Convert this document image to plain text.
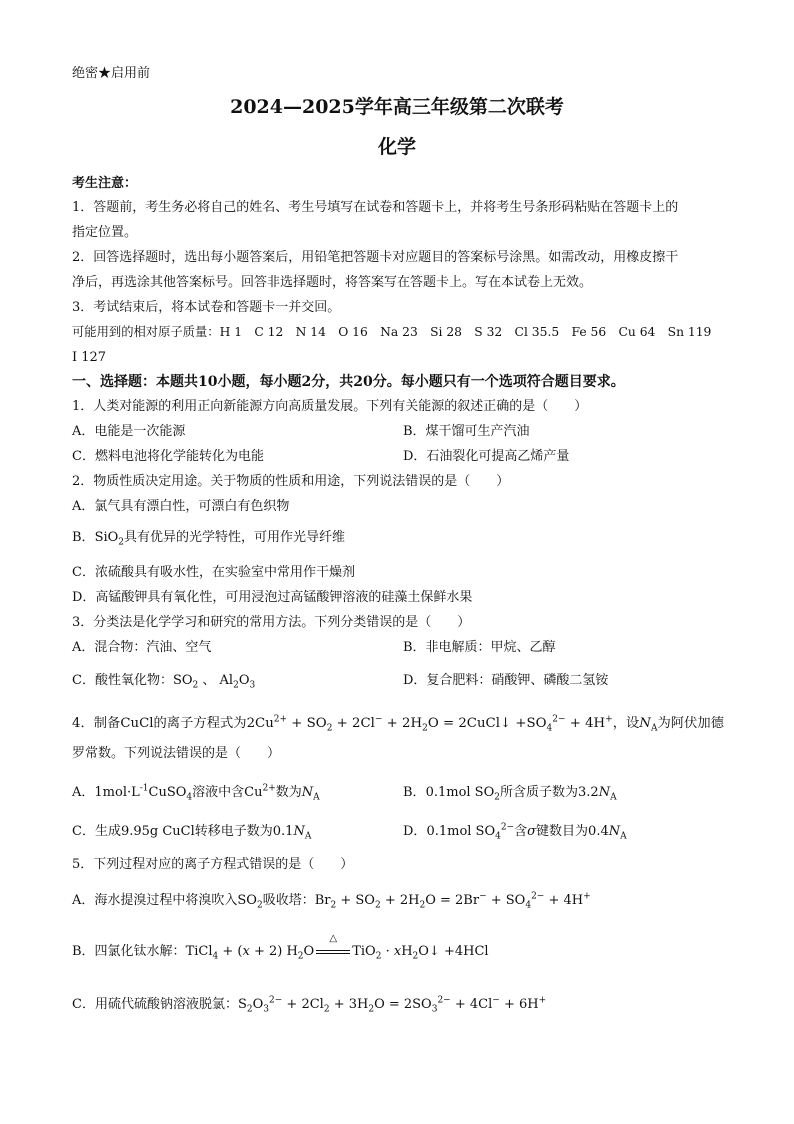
绝密★启用前
2024—2025学年高三年级第二次联考
化学
考生注意：
1．答题前，考生务必将自己的姓名、考生号填写在试卷和答题卡上，并将考生号条形码粘贴在答题卡上的
指定位置。
2．回答选择题时，选出每小题答案后，用铅笔把答题卡对应题目的答案标号涂黑。如需改动，用橡皮擦干
净后，再选涂其他答案标号。回答非选择题时，将答案写在答题卡上。写在本试卷上无效。
3．考试结束后，将本试卷和答题卡一并交回。
可能用到的相对原子质量：H 1　C 12　N 14　O 16　Na 23　Si 28　S 32　Cl 35.5　Fe 56　Cu 64　Sn 119
I 127
一、选择题：本题共10小题，每小题2分，共20分。每小题只有一个选项符合题目要求。
1．人类对能源的利用正向新能源方向高质量发展。下列有关能源的叙述正确的是（　　）
A．电能是一次能源	B．煤干馏可生产汽油
C．燃料电池将化学能转化为电能	D．石油裂化可提高乙烯产量
2．物质性质决定用途。关于物质的性质和用途，下列说法错误的是（　　）
A．氯气具有漂白性，可漂白有色织物
B．SiO$_2$具有优异的光学特性，可用作光导纤维
C．浓硫酸具有吸水性，在实验室中常用作干燥剂
D．高锰酸钾具有氧化性，可用浸泡过高锰酸钾溶液的硅藻土保鲜水果
3．分类法是化学学习和研究的常用方法。下列分类错误的是（　　）
A．混合物：汽油、空气	B．非电解质：甲烷、乙醇
C．酸性氧化物：$SO_2$ 、 $Al_2O_3$	D．复合肥料：硝酸钾、磷酸二氢铵
4．制备CuCl的离子方程式为$2Cu^{2+} + SO_2 + 2Cl^- + 2H_2O$ = 2CuCl↓ $+SO_4^{2-} + 4H^+$，设$N_A$为阿伏加德
罗常数。下列说法错误的是（　　）
A．$1mol\cdot L^{-1}CuSO_4$溶液中含$Cu^{2+}$数为$N_A$	B．0.1mol $SO_2$所含质子数为$3.2N_A$
C．生成9.95g CuCl转移电子数为$0.1N_A$	D．0.1mol $SO_4^{2-}$含σ键数目为$0.4N_A$
5．下列过程对应的离子方程式错误的是（　　）
A．海水提溴过程中将溴吹入$SO_2$吸收塔：$Br_2 + SO_2 + 2H_2O = 2Br^- + SO_4^{2-} + 4H^+$
B．四氯化钛水解：TiCl$_4$ + (x + 2) $H_2O$
△
$TiO_2 \cdot xH_2O↓ +4HCl$
C．用硫代硫酸钠溶液脱氯：$S_2O_3^{2-} + 2Cl_2 + 3H_2O = 2SO_3^{2-} + 4Cl^- + 6H^+$
